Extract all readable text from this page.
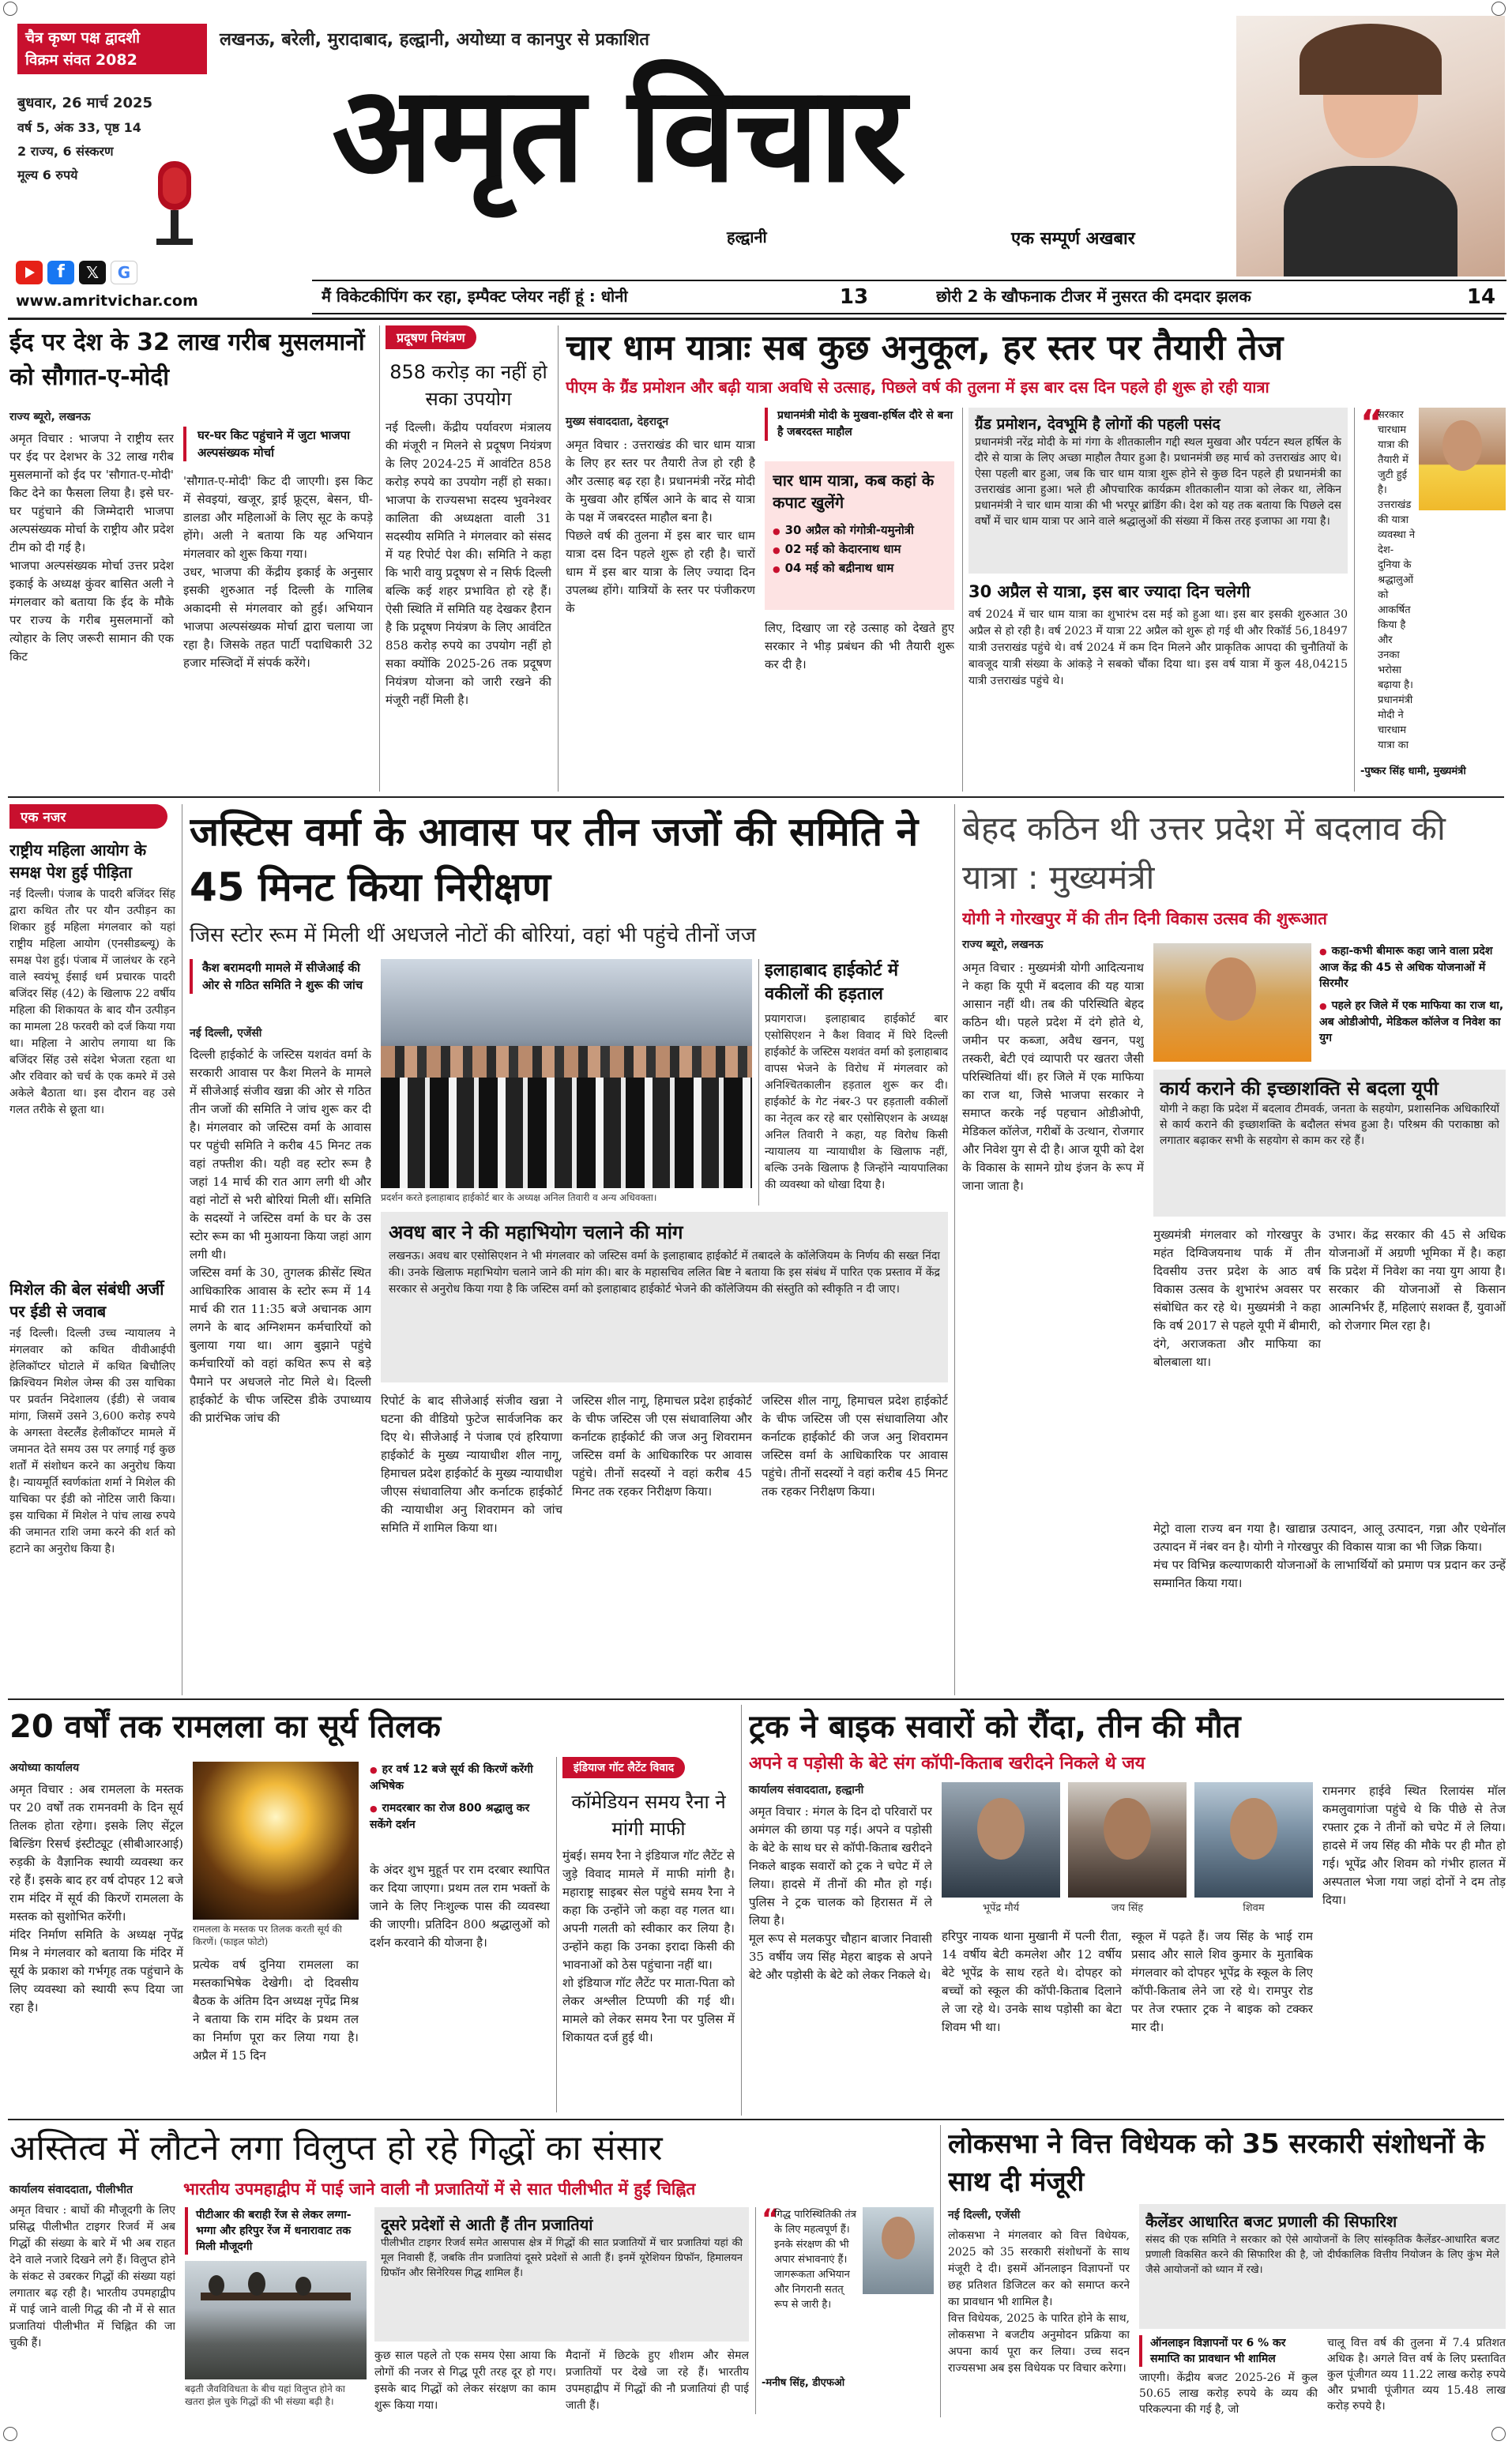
चैत्र कृष्ण पक्ष द्वादशी
विक्रम संवत 2082
लखनऊ, बरेली, मुरादाबाद, हल्द्वानी, अयोध्या व कानपुर से प्रकाशित
बुधवार, 26 मार्च 2025
वर्ष 5, अंक 33, पृष्ठ 14
2 राज्य, 6 संस्करण
मूल्य 6 रुपये
f	𝕏	G
www.amritvichar.com
अमृत विचार
हल्द्वानी	एक सम्पूर्ण अखबार
मैं विकेटकीपिंग कर रहा, इम्पैक्ट प्लेयर नहीं हूं : धोनी	13	छोरी 2 के खौफनाक टीजर में नुसरत की दमदार झलक	14
ईद पर देश के 32 लाख गरीब मुसलमानों को सौगात-ए-मोदी
राज्य ब्यूरो, लखनऊ
अमृत विचार : भाजपा ने राष्ट्रीय स्तर पर ईद पर देशभर के 32 लाख गरीब मुसलमानों को ईद पर 'सौगात-ए-मोदी' किट देने का फैसला लिया है। इसे घर-घर पहुंचाने की जिम्मेदारी भाजपा अल्पसंख्यक मोर्चा के राष्ट्रीय और प्रदेश टीम को दी गई है।
भाजपा अल्पसंख्यक मोर्चा उत्तर प्रदेश इकाई के अध्यक्ष कुंवर बासित अली ने मंगलवार को बताया कि ईद के मौके पर राज्य के गरीब मुसलमानों को त्योहार के लिए जरूरी सामान की एक किट
घर-घर किट पहुंचाने में जुटा भाजपा अल्पसंख्यक मोर्चा
'सौगात-ए-मोदी' किट दी जाएगी। इस किट में सेवइयां, खजूर, ड्राई फ्रूट्स, बेसन, घी-डालडा और महिलाओं के लिए सूट के कपड़े होंगे। अली ने बताया कि यह अभियान मंगलवार को शुरू किया गया।
उधर, भाजपा की केंद्रीय इकाई के अनुसार इसकी शुरुआत नई दिल्ली के गालिब अकादमी से मंगलवार को हुई। अभियान भाजपा अल्पसंख्यक मोर्चा द्वारा चलाया जा रहा है। जिसके तहत पार्टी पदाधिकारी 32 हजार मस्जिदों में संपर्क करेंगे।
प्रदूषण नियंत्रण
858 करोड़ का नहीं हो सका उपयोग
नई दिल्ली। केंद्रीय पर्यावरण मंत्रालय की मंजूरी न मिलने से प्रदूषण नियंत्रण के लिए 2024-25 में आवंटित 858 करोड़ रुपये का उपयोग नहीं हो सका। भाजपा के राज्यसभा सदस्य भुवनेश्वर कालिता की अध्यक्षता वाली 31 सदस्यीय समिति ने मंगलवार को संसद में यह रिपोर्ट पेश की। समिति ने कहा कि भारी वायु प्रदूषण से न सिर्फ दिल्ली बल्कि कई शहर प्रभावित हो रहे हैं। ऐसी स्थिति में समिति यह देखकर हैरान है कि प्रदूषण नियंत्रण के लिए आवंटित 858 करोड़ रुपये का उपयोग नहीं हो सका क्योंकि 2025-26 तक प्रदूषण नियंत्रण योजना को जारी रखने की मंजूरी नहीं मिली है।
चार धाम यात्राः सब कुछ अनुकूल, हर स्तर पर तैयारी तेज
पीएम के ग्रैंड प्रमोशन और बढ़ी यात्रा अवधि से उत्साह, पिछले वर्ष की तुलना में इस बार दस दिन पहले ही शुरू हो रही यात्रा
मुख्य संवाददाता, देहरादून
अमृत विचार : उत्तराखंड की चार धाम यात्रा के लिए हर स्तर पर तैयारी तेज हो रही है और उत्साह बढ़ रहा है। प्रधानमंत्री नरेंद्र मोदी के मुखवा और हर्षिल आने के बाद से यात्रा के पक्ष में जबरदस्त माहौल बना है।
पिछले वर्ष की तुलना में इस बार चार धाम यात्रा दस दिन पहले शुरू हो रही है। चारों धाम में इस बार यात्रा के लिए ज्यादा दिन उपलब्ध होंगे। यात्रियों के स्तर पर पंजीकरण के
प्रधानमंत्री मोदी के मुखवा-हर्षिल दौरे से बना है जबरदस्त माहौल
चार धाम यात्रा, कब कहां के कपाट खुलेंगे
● 30 अप्रैल को गंगोत्री-यमुनोत्री
● 02 मई को केदारनाथ धाम
● 04 मई को बद्रीनाथ धाम
लिए, दिखाए जा रहे उत्साह को देखते हुए सरकार ने भीड़ प्रबंधन की भी तैयारी शुरू कर दी है।
ग्रैंड प्रमोशन, देवभूमि है लोगों की पहली पसंद
प्रधानमंत्री नरेंद्र मोदी के मां गंगा के शीतकालीन गद्दी स्थल मुखवा और पर्यटन स्थल हर्षिल के दौरे से यात्रा के लिए अच्छा माहौल तैयार हुआ है। प्रधानमंत्री छह मार्च को उत्तराखंड आए थे। ऐसा पहली बार हुआ, जब कि चार धाम यात्रा शुरू होने से कुछ दिन पहले ही प्रधानमंत्री का उत्तराखंड आना हुआ। भले ही औपचारिक कार्यक्रम शीतकालीन यात्रा को लेकर था, लेकिन प्रधानमंत्री ने चार धाम यात्रा की भी भरपूर ब्रांडिंग की। देश को यह तक बताया कि पिछले दस वर्षों में चार धाम यात्रा पर आने वाले श्रद्धालुओं की संख्या में किस तरह इजाफा आ गया है।
30 अप्रैल से यात्रा, इस बार ज्यादा दिन चलेगी
वर्ष 2024 में चार धाम यात्रा का शुभारंभ दस मई को हुआ था। इस बार इसकी शुरुआत 30 अप्रैल से हो रही है। वर्ष 2023 में यात्रा 22 अप्रैल को शुरू हो गई थी और रिकॉर्ड 56,18497 यात्री उत्तराखंड पहुंचे थे। वर्ष 2024 में कम दिन मिलने और प्राकृतिक आपदा की चुनौतियों के बावजूद यात्री संख्या के आंकड़े ने सबको चौंका दिया था। इस वर्ष यात्रा में कुल 48,04215 यात्री उत्तराखंड पहुंचे थे।
“
सरकार चारधाम यात्रा की तैयारी में जुटी हुई है। उत्तराखंड की यात्रा व्यवस्था ने देश-दुनिया के श्रद्धालुओं को आकर्षित किया है और उनका भरोसा बढ़ाया है। प्रधानमंत्री मोदी ने चारधाम यात्रा का
-पुष्कर सिंह धामी, मुख्यमंत्री
एक नजर
राष्ट्रीय महिला आयोग के समक्ष पेश हुई पीड़िता
नई दिल्ली। पंजाब के पादरी बजिंदर सिंह द्वारा कथित तौर पर यौन उत्पीड़न का शिकार हुई महिला मंगलवार को यहां राष्ट्रीय महिला आयोग (एनसीडब्ल्यू) के समक्ष पेश हुई। पंजाब में जालंधर के रहने वाले स्वयंभू ईसाई धर्म प्रचारक पादरी बजिंदर सिंह (42) के खिलाफ 22 वर्षीय महिला की शिकायत के बाद यौन उत्पीड़न का मामला 28 फरवरी को दर्ज किया गया था। महिला ने आरोप लगाया था कि बजिंदर सिंह उसे संदेश भेजता रहता था और रविवार को चर्च के एक कमरे में उसे अकेले बैठाता था। इस दौरान वह उसे गलत तरीके से छूता था।
मिशेल की बेल संबंधी अर्जी पर ईडी से जवाब
नई दिल्ली। दिल्ली उच्च न्यायालय ने मंगलवार को कथित वीवीआईपी हेलिकॉप्टर घोटाले में कथित बिचौलिए क्रिश्चियन मिशेल जेम्स की उस याचिका पर प्रवर्तन निदेशालय (ईडी) से जवाब मांगा, जिसमें उसने 3,600 करोड़ रुपये के अगस्ता वेस्टलैंड हेलीकॉप्टर मामले में जमानत देते समय उस पर लगाई गई कुछ शर्तों में संशोधन करने का अनुरोध किया है। न्यायमूर्ति स्वर्णकांता शर्मा ने मिशेल की याचिका पर ईडी को नोटिस जारी किया। इस याचिका में मिशेल ने पांच लाख रुपये की जमानत राशि जमा करने की शर्त को हटाने का अनुरोध किया है।
जस्टिस वर्मा के आवास पर तीन जजों की समिति ने 45 मिनट किया निरीक्षण
जिस स्टोर रूम में मिली थीं अधजले नोटों की बोरियां, वहां भी पहुंचे तीनों जज
कैश बरामदगी मामले में सीजेआई की ओर से गठित समिति ने शुरू की जांच
नई दिल्ली, एजेंसी
दिल्ली हाईकोर्ट के जस्टिस यशवंत वर्मा के सरकारी आवास पर कैश मिलने के मामले में सीजेआई संजीव खन्ना की ओर से गठित तीन जजों की समिति ने जांच शुरू कर दी है। मंगलवार को जस्टिस वर्मा के आवास पर पहुंची समिति ने करीब 45 मिनट तक वहां तफ्तीश की। यही वह स्टोर रूम है जहां 14 मार्च की रात आग लगी थी और वहां नोटों से भरी बोरियां मिली थीं। समिति के सदस्यों ने जस्टिस वर्मा के घर के उस स्टोर रूम का भी मुआयना किया जहां आग लगी थी।
जस्टिस वर्मा के 30, तुगलक क्रीसेंट स्थित आधिकारिक आवास के स्टोर रूम में 14 मार्च की रात 11:35 बजे अचानक आग लगने के बाद अग्निशमन कर्मचारियों को बुलाया गया था। आग बुझाने पहुंचे कर्मचारियों को वहां कथित रूप से बड़े पैमाने पर अधजले नोट मिले थे। दिल्ली हाईकोर्ट के चीफ जस्टिस डीके उपाध्याय की प्रारंभिक जांच की
प्रदर्शन करते इलाहाबाद हाईकोर्ट बार के अध्यक्ष अनिल तिवारी व अन्य अधिवक्ता।
अवध बार ने की महाभियोग चलाने की मांग
लखनऊ। अवध बार एसोसिएशन ने भी मंगलवार को जस्टिस वर्मा के इलाहाबाद हाईकोर्ट में तबादले के कॉलेजियम के निर्णय की सख्त निंदा की। उनके खिलाफ महाभियोग चलाने जाने की मांग की। बार के महासचिव ललित बिष्ट ने बताया कि इस संबंध में पारित एक प्रस्ताव में केंद्र सरकार से अनुरोध किया गया है कि जस्टिस वर्मा को इलाहाबाद हाईकोर्ट भेजने की कॉलेजियम की संस्तुति को स्वीकृति न दी जाए।
रिपोर्ट के बाद सीजेआई संजीव खन्ना ने घटना की वीडियो फुटेज सार्वजनिक कर दिए थे। सीजेआई ने पंजाब एवं हरियाणा हाईकोर्ट के मुख्य न्यायाधीश शील नागू, हिमाचल प्रदेश हाईकोर्ट के मुख्य न्यायाधीश जीएस संधावालिया और कर्नाटक हाईकोर्ट की न्यायाधीश अनु शिवरामन को जांच समिति में शामिल किया था।
जस्टिस शील नागू, हिमाचल प्रदेश हाईकोर्ट के चीफ जस्टिस जी एस संधावालिया और कर्नाटक हाईकोर्ट की जज अनु शिवरामन जस्टिस वर्मा के आधिकारिक पर आवास पहुंचे। तीनों सदस्यों ने वहां करीब 45 मिनट तक रहकर निरीक्षण किया।
इलाहाबाद हाईकोर्ट में वकीलों की हड़ताल
प्रयागराज। इलाहाबाद हाईकोर्ट बार एसोसिएशन ने कैश विवाद में घिरे दिल्ली हाईकोर्ट के जस्टिस यशवंत वर्मा को इलाहाबाद वापस भेजने के विरोध में मंगलवार को अनिश्चितकालीन हड़ताल शुरू कर दी। हाईकोर्ट के गेट नंबर-3 पर हड़ताली वकीलों का नेतृत्व कर रहे बार एसोसिएशन के अध्यक्ष अनिल तिवारी ने कहा, यह विरोध किसी न्यायालय या न्यायाधीश के खिलाफ नहीं, बल्कि उनके खिलाफ है जिन्होंने न्यायपालिका की व्यवस्था को धोखा दिया है।
जस्टिस शील नागू, हिमाचल प्रदेश हाईकोर्ट के चीफ जस्टिस जी एस संधावालिया और कर्नाटक हाईकोर्ट की जज अनु शिवरामन जस्टिस वर्मा के आधिकारिक पर आवास पहुंचे। तीनों सदस्यों ने वहां करीब 45 मिनट तक रहकर निरीक्षण किया।
बेहद कठिन थी उत्तर प्रदेश में बदलाव की यात्रा : मुख्यमंत्री
योगी ने गोरखपुर में की तीन दिनी विकास उत्सव की शुरूआत
राज्य ब्यूरो, लखनऊ
अमृत विचार : मुख्यमंत्री योगी आदित्यनाथ ने कहा कि यूपी में बदलाव की यह यात्रा आसान नहीं थी। तब की परिस्थिति बेहद कठिन थी। पहले प्रदेश में दंगे होते थे, जमीन पर कब्जा, अवैध खनन, पशु तस्करी, बेटी एवं व्यापारी पर खतरा जैसी परिस्थितियां थीं। हर जिले में एक माफिया का राज था, जिसे भाजपा सरकार ने समाप्त करके नई पहचान ओडीओपी, मेडिकल कॉलेज, गरीबों के उत्थान, रोजगार और निवेश युग से दी है। आज यूपी को देश के विकास के सामने ग्रोथ इंजन के रूप में जाना जाता है।
● कहा-कभी बीमारू कहा जाने वाला प्रदेश आज केंद्र की 45 से अधिक योजनाओं में सिरमौर
● पहले हर जिले में एक माफिया का राज था, अब ओडीओपी, मेडिकल कॉलेज व निवेश का युग
कार्य कराने की इच्छाशक्ति से बदला यूपी
योगी ने कहा कि प्रदेश में बदलाव टीमवर्क, जनता के सहयोग, प्रशासनिक अधिकारियों से कार्य कराने की इच्छाशक्ति के बदौलत संभव हुआ है। परिश्रम की पराकाष्ठा को लगातार बढ़ाकर सभी के सहयोग से काम कर रहे हैं।
मुख्यमंत्री मंगलवार को गोरखपुर के महंत दिग्विजयनाथ पार्क में तीन दिवसीय उत्तर प्रदेश के आठ वर्ष विकास उत्सव के शुभारंभ अवसर पर संबोधित कर रहे थे। मुख्यमंत्री ने कहा कि वर्ष 2017 से पहले यूपी में बीमारी, दंगे, अराजकता और माफिया का बोलबाला था।
उभार। केंद्र सरकार की 45 से अधिक योजनाओं में अग्रणी भूमिका में है। कहा कि प्रदेश में निवेश का नया युग आया है। सरकार की योजनाओं से किसान आत्मनिर्भर हैं, महिलाएं सशक्त हैं, युवाओं को रोजगार मिल रहा है।
मेट्रो वाला राज्य बन गया है। खाद्यान्न उत्पादन, आलू उत्पादन, गन्ना और एथेनॉल उत्पादन में नंबर वन है। योगी ने गोरखपुर की विकास यात्रा का भी जिक्र किया।
मंच पर विभिन्न कल्याणकारी योजनाओं के लाभार्थियों को प्रमाण पत्र प्रदान कर उन्हें सम्मानित किया गया।
20 वर्षों तक रामलला का सूर्य तिलक
अयोध्या कार्यालय
अमृत विचार : अब रामलला के मस्तक पर 20 वर्षों तक रामनवमी के दिन सूर्य तिलक होता रहेगा। इसके लिए सेंट्रल बिल्डिंग रिसर्च इंस्टीट्यूट (सीबीआरआई) रुड़की के वैज्ञानिक स्थायी व्यवस्था कर रहे हैं। इसके बाद हर वर्ष दोपहर 12 बजे राम मंदिर में सूर्य की किरणें रामलला के मस्तक को सुशोभित करेंगी।
मंदिर निर्माण समिति के अध्यक्ष नृपेंद्र मिश्र ने मंगलवार को बताया कि मंदिर में सूर्य के प्रकाश को गर्भगृह तक पहुंचाने के लिए व्यवस्था को स्थायी रूप दिया जा रहा है।
रामलला के मस्तक पर तिलक करती सूर्य की किरणें। (फाइल फोटो)
प्रत्येक वर्ष दुनिया रामलला का मस्तकाभिषेक देखेगी। दो दिवसीय बैठक के अंतिम दिन अध्यक्ष नृपेंद्र मिश्र ने बताया कि राम मंदिर के प्रथम तल का निर्माण पूरा कर लिया गया है। अप्रैल में 15 दिन
● हर वर्ष 12 बजे सूर्य की किरणें करेंगी अभिषेक
● रामदरबार का रोज 800 श्रद्धालु कर सकेंगे दर्शन
के अंदर शुभ मुहूर्त पर राम दरबार स्थापित कर दिया जाएगा। प्रथम तल राम भक्तों के जाने के लिए निःशुल्क पास की व्यवस्था की जाएगी। प्रतिदिन 800 श्रद्धालुओं को दर्शन करवाने की योजना है।
इंडियाज गॉट लैटेंट विवाद
कॉमेडियन समय रैना ने मांगी माफी
मुंबई। समय रैना ने इंडियाज गॉट लैटेंट से जुड़े विवाद मामले में माफी मांगी है। महाराष्ट्र साइबर सेल पहुंचे समय रैना ने कहा कि उन्होंने जो कहा वह गलत था। अपनी गलती को स्वीकार कर लिया है। उन्होंने कहा कि उनका इरादा किसी की भावनाओं को ठेस पहुंचाना नहीं था।
शो इंडियाज गॉट लैटेंट पर माता-पिता को लेकर अश्लील टिप्पणी की गई थी। मामले को लेकर समय रैना पर पुलिस में शिकायत दर्ज हुई थी।
ट्रक ने बाइक सवारों को रौंदा, तीन की मौत
अपने व पड़ोसी के बेटे संग कॉपी-किताब खरीदने निकले थे जय
कार्यालय संवाददाता, हल्द्वानी
अमृत विचार : मंगल के दिन दो परिवारों पर अमंगल की छाया पड़ गई। अपने व पड़ोसी के बेटे के साथ घर से कॉपी-किताब खरीदने निकले बाइक सवारों को ट्रक ने चपेट में ले लिया। हादसे में तीनों की मौत हो गई। पुलिस ने ट्रक चालक को हिरासत में ले लिया है।
मूल रूप से मलकपुर चौहान बाजार निवासी 35 वर्षीय जय सिंह मेहरा बाइक से अपने बेटे और पड़ोसी के बेटे को लेकर निकले थे।
भूपेंद्र मौर्य	जय सिंह	शिवम
हरिपुर नायक थाना मुखानी में पत्नी रीता, 14 वर्षीय बेटी कमलेश और 12 वर्षीय बेटे भूपेंद्र के साथ रहते थे। दोपहर को बच्चों को स्कूल की कॉपी-किताब दिलाने ले जा रहे थे। उनके साथ पड़ोसी का बेटा शिवम भी था।
स्कूल में पढ़ते हैं। जय सिंह के भाई राम प्रसाद और साले शिव कुमार के मुताबिक मंगलवार को दोपहर भूपेंद्र के स्कूल के लिए कॉपी-किताब लेने जा रहे थे। रामपुर रोड पर तेज रफ्तार ट्रक ने बाइक को टक्कर मार दी।
रामनगर हाईवे स्थित रिलायंस मॉल कमलुवागांजा पहुंचे थे कि पीछे से तेज रफ्तार ट्रक ने तीनों को चपेट में ले लिया। हादसे में जय सिंह की मौके पर ही मौत हो गई। भूपेंद्र और शिवम को गंभीर हालत में अस्पताल भेजा गया जहां दोनों ने दम तोड़ दिया।
अस्तित्व में लौटने लगा विलुप्त हो रहे गिद्धों का संसार
कार्यालय संवाददाता, पीलीभीत	भारतीय उपमहाद्वीप में पाई जाने वाली नौ प्रजातियों में से सात पीलीभीत में हुईं चिह्नित
अमृत विचार : बाघों की मौजूदगी के लिए प्रसिद्ध पीलीभीत टाइगर रिजर्व में अब गिद्धों की संख्या के बारे में भी अब राहत देने वाले नजारे दिखने लगे हैं। विलुप्त होने के संकट से उबरकर गिद्धों की संख्या यहां लगातार बढ़ रही है। भारतीय उपमहाद्वीप में पाई जाने वाली गिद्ध की नौ में से सात प्रजातियां पीलीभीत में चिह्नित की जा चुकी हैं।
पीटीआर की बराही रेंज से लेकर लग्गा-भग्गा और हरिपुर रेंज में धनारावाट तक मिली मौजूदगी
बढ़ती जैवविविधता के बीच यहां विलुप्त होने का खतरा झेल चुके गिद्धों की भी संख्या बढ़ी है।
दूसरे प्रदेशों से आती हैं तीन प्रजातियां
पीलीभीत टाइगर रिजर्व समेत आसपास क्षेत्र में गिद्धों की सात प्रजातियों में चार प्रजातियां यहां की मूल निवासी हैं, जबकि तीन प्रजातियां दूसरे प्रदेशों से आती हैं। इनमें यूरेशियन ग्रिफॉन, हिमालयन ग्रिफॉन और सिनेरियस गिद्ध शामिल हैं।
कुछ साल पहले तो एक समय ऐसा आया कि लोगों की नजर से गिद्ध पूरी तरह दूर हो गए। इसके बाद गिद्धों को लेकर संरक्षण का काम शुरू किया गया।
मैदानों में छिटके हुए शीशम और सेमल प्रजातियों पर देखे जा रहे हैं। भारतीय उपमहाद्वीप में गिद्धों की नौ प्रजातियां ही पाई जाती हैं।
“
गिद्ध पारिस्थितिकी तंत्र के लिए महत्वपूर्ण हैं। इनके संरक्षण की भी अपार संभावनाएं हैं। जागरूकता अभियान और निगरानी सतत् रूप से जारी है।
-मनीष सिंह, डीएफओ
लोकसभा ने वित्त विधेयक को 35 सरकारी संशोधनों के साथ दी मंजूरी
नई दिल्ली, एजेंसी
लोकसभा ने मंगलवार को वित्त विधेयक, 2025 को 35 सरकारी संशोधनों के साथ मंजूरी दे दी। इसमें ऑनलाइन विज्ञापनों पर छह प्रतिशत डिजिटल कर को समाप्त करने का प्रावधान भी शामिल है।
वित्त विधेयक, 2025 के पारित होने के साथ, लोकसभा ने बजटीय अनुमोदन प्रक्रिया का अपना कार्य पूरा कर लिया। उच्च सदन राज्यसभा अब इस विधेयक पर विचार करेगा।
कैलेंडर आधारित बजट प्रणाली की सिफारिश
संसद की एक समिति ने सरकार को ऐसे आयोजनों के लिए सांस्कृतिक कैलेंडर-आधारित बजट प्रणाली विकसित करने की सिफारिश की है, जो दीर्घकालिक वित्तीय नियोजन के लिए कुंभ मेले जैसे आयोजनों को ध्यान में रखे।
ऑनलाइन विज्ञापनों पर 6 % कर समाप्ति का प्रावधान भी शामिल
जाएगी। केंद्रीय बजट 2025-26 में कुल 50.65 लाख करोड़ रुपये के व्यय की परिकल्पना की गई है, जो
चालू वित्त वर्ष की तुलना में 7.4 प्रतिशत अधिक है। अगले वित्त वर्ष के लिए प्रस्तावित कुल पूंजीगत व्यय 11.22 लाख करोड़ रुपये और प्रभावी पूंजीगत व्यय 15.48 लाख करोड़ रुपये है।
